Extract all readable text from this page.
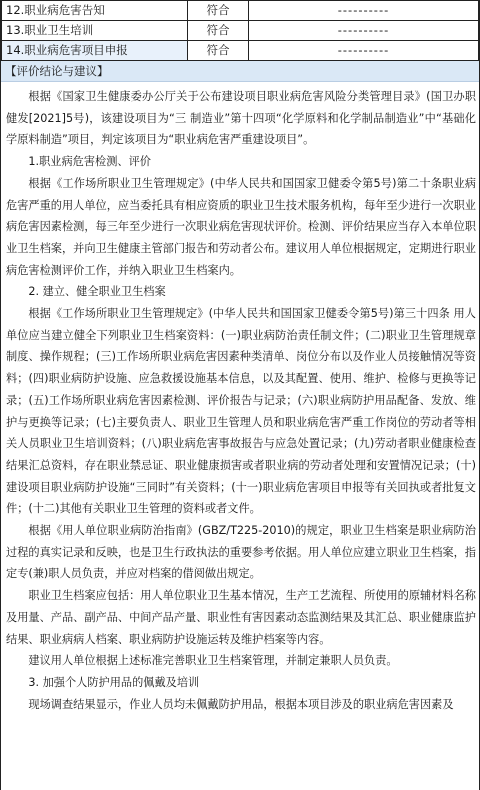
12.职业病危害告知	符合	----------
13.职业卫生培训	符合	----------
14.职业病危害项目申报	符合	----------
【评价结论与建议】

根据《国家卫生健康委办公厅关于公布建设项目职业病危害风险分类管理目录》(国卫办职健发[2021]5号)，该建设项目为“三 制造业”第十四项“化学原料和化学制品制造业”中“基础化学原料制造”项目，判定该项目为“职业病危害严重建设项目”。

1.职业病危害检测、评价

根据《工作场所职业卫生管理规定》(中华人民共和国国家卫健委令第5号)第二十条职业病危害严重的用人单位，应当委托具有相应资质的职业卫生技术服务机构，每年至少进行一次职业病危害因素检测，每三年至少进行一次职业病危害现状评价。检测、评价结果应当存入本单位职业卫生档案，并向卫生健康主管部门报告和劳动者公布。建议用人单位根据规定，定期进行职业病危害检测评价工作，并纳入职业卫生档案内。

2. 建立、健全职业卫生档案

根据《工作场所职业卫生管理规定》(中华人民共和国国家卫健委令第5号)第三十四条 用人单位应当建立健全下列职业卫生档案资料：(一)职业病防治责任制文件；(二)职业卫生管理规章制度、操作规程；(三)工作场所职业病危害因素种类清单、岗位分布以及作业人员接触情况等资料；(四)职业病防护设施、应急救援设施基本信息，以及其配置、使用、维护、检修与更换等记录；(五)工作场所职业病危害因素检测、评价报告与记录；(六)职业病防护用品配备、发放、维护与更换等记录；(七)主要负责人、职业卫生管理人员和职业病危害严重工作岗位的劳动者等相关人员职业卫生培训资料；(八)职业病危害事故报告与应急处置记录；(九)劳动者职业健康检查结果汇总资料，存在职业禁忌证、职业健康损害或者职业病的劳动者处理和安置情况记录；(十)建设项目职业病防护设施“三同时”有关资料；(十一)职业病危害项目申报等有关回执或者批复文件；(十二)其他有关职业卫生管理的资料或者文件。

根据《用人单位职业病防治指南》(GBZ/T225-2010)的规定，职业卫生档案是职业病防治过程的真实记录和反映，也是卫生行政执法的重要参考依据。用人单位应建立职业卫生档案，指定专(兼)职人员负责，并应对档案的借阅做出规定。

职业卫生档案应包括：用人单位职业卫生基本情况，生产工艺流程、所使用的原辅材料名称及用量、产品、副产品、中间产品产量、职业性有害因素动态监测结果及其汇总、职业健康监护结果、职业病病人档案、职业病防护设施运转及维护档案等内容。

建议用人单位根据上述标准完善职业卫生档案管理，并制定兼职人员负责。

3. 加强个人防护用品的佩戴及培训

现场调查结果显示，作业人员均未佩戴防护用品，根据本项目涉及的职业病危害因素及
